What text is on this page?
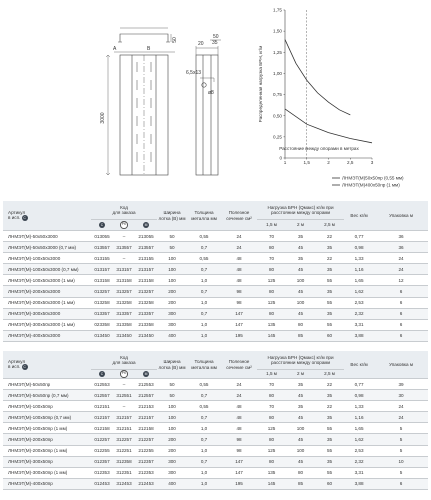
3000
50
20 35
50
6,5x13
ø8
A	B
1,75
1,50
1,25
1,00
0,75
0,50
0,25
0
1	1,5	2	2,5	3
Распределенная нагрузка БРН, кг/м
Расстояние между опорами в метрах
ЛНМЭТ(М)50x50пр (0,55 мм)
ЛНМЭТ(М)400x50пр (1 мм)
Артикул
в исп. C	Код
для заказа			Ширина лотка (B) мм	Толщина металла мм	Полезное сечение см²	Нагрузка БРН (Qмакс) кг/м при расстоянии между опорами			Вес кг/м	Упаковка м
	C	PK	M				1,5 м	2 м	2,5 м		
ЛНМЭТ(М)-50x50x3000	013055	–	213055	50	0,55	24	70	35	22	0,77	36
ЛНМЭТ(М)-50x50x3000 (0,7 мм)	013557	313557	213557	50	0,7	24	80	45	35	0,98	36
ЛНМЭТ(М)-100x50x3000	013155	–	213155	100	0,55	48	70	35	22	1,33	24
ЛНМЭТ(М)-100x50x3000 (0,7 мм)	013157	313157	213157	100	0,7	48	80	45	35	1,16	24
ЛНМЭТ(М)-100x50x3000 (1 мм)	013158	313158	213158	100	1,0	48	125	100	55	1,65	12
ЛНМЭТ(М)-200x50x3000	013257	313257	213257	200	0,7	98	80	45	35	1,62	6
ЛНМЭТ(М)-200x50x3000 (1 мм)	013258	313258	213258	200	1,0	98	125	100	55	2,53	6
ЛНМЭТ(М)-300x50x3000	013357	313357	213357	300	0,7	147	80	45	35	2,32	6
ЛНМЭТ(М)-300x50x3000 (1 мм)	023358	313358	213358	300	1,0	147	135	80	55	3,31	6
ЛНМЭТ(М)-400x50x3000	013450	313450	213450	400	1,0	195	145	85	60	3,88	6
Артикул
в исп. C	Код
для заказа			Ширина лотка (B) мм	Толщина металла мм	Полезное сечение см²	Нагрузка БРН (Qмакс) кг/м при расстоянии между опорами			Вес кг/м	Упаковка м
	C	PK	M				1,5 м	2 м	2,5 м		
ЛНМЭТ(М)-50x50пр	012553	–	212553	50	0,55	24	70	35	22	0,77	39
ЛНМЭТ(М)-50x50пр (0,7 мм)	012557	312551	212557	50	0,7	24	80	45	35	0,98	30
ЛНМЭТ(М)-100x50пр	012151	–	212153	100	0,55	48	70	35	22	1,33	24
ЛНМЭТ(М)-100x50пр (0,7 мм)	012157	312157	212157	100	0,7	48	80	45	35	1,16	24
ЛНМЭТ(М)-100x50пр (1 мм)	012158	312151	212158	100	1,0	48	125	100	55	1,65	5
ЛНМЭТ(М)-200x50пр	012257	312257	212257	200	0,7	98	80	45	35	1,62	5
ЛНМЭТ(М)-200x50пр (1 мм)	012255	312251	212255	200	1,0	98	125	100	55	2,53	5
ЛНМЭТ(М)-300x50пр	012357	312358	212357	300	0,7	147	80	45	35	2,32	10
ЛНМЭТ(М)-300x50пр (1 мм)	012353	312351	212353	300	1,0	147	135	80	55	3,31	5
ЛНМЭТ(М)-400x50пр	012453	312453	212453	400	1,0	195	145	85	60	3,88	6
